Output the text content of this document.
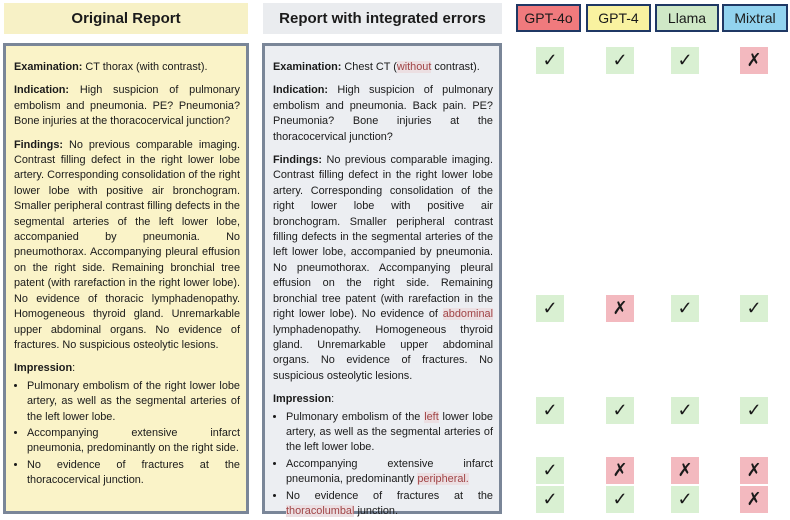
Original Report	Report with integrated errors	GPT-4o	GPT-4	Llama	Mixtral

Examination: CT thorax (with contrast).

Indication: High suspicion of pulmonary embolism and pneumonia. PE? Pneumonia? Bone injuries at the thoracocervical junction?

Findings: No previous comparable imaging. Contrast filling defect in the right lower lobe artery. Corresponding consolidation of the right lower lobe with positive air bronchogram. Smaller peripheral contrast filling defects in the segmental arteries of the left lower lobe, accompanied by pneumonia. No pneumothorax. Accompanying pleural effusion on the right side. Remaining bronchial tree patent (with rarefaction in the right lower lobe). No evidence of thoracic lymphadenopathy. Homogeneous thyroid gland. Unremarkable upper abdominal organs. No evidence of fractures. No suspicious osteolytic lesions.

Impression:

• Pulmonary embolism of the right lower lobe artery, as well as the segmental arteries of the left lower lobe.
• Accompanying extensive infarct pneumonia, predominantly on the right side.
• No evidence of fractures at the thoracocervical junction.

Examination: Chest CT (without contrast).

Indication: High suspicion of pulmonary embolism and pneumonia. Back pain. PE? Pneumonia? Bone injuries at the thoracocervical junction?

Findings: No previous comparable imaging. Contrast filling defect in the right lower lobe artery. Corresponding consolidation of the right lower lobe with positive air bronchogram. Smaller peripheral contrast filling defects in the segmental arteries of the left lower lobe, accompanied by pneumonia. No pneumothorax. Accompanying pleural effusion on the right side. Remaining bronchial tree patent (with rarefaction in the right lower lobe). No evidence of abdominal lymphadenopathy. Homogeneous thyroid gland. Unremarkable upper abdominal organs. No evidence of fractures. No suspicious osteolytic lesions.

Impression:

• Pulmonary embolism of the left lower lobe artery, as well as the segmental arteries of the left lower lobe.
• Accompanying extensive infarct pneumonia, predominantly peripheral.
• No evidence of fractures at the thoracolumbal junction.
✓	✓	✓	✗
✓	✗	✓	✓
✓	✓	✓	✓
✓	✗	✗	✗
✓	✓	✓	✗
